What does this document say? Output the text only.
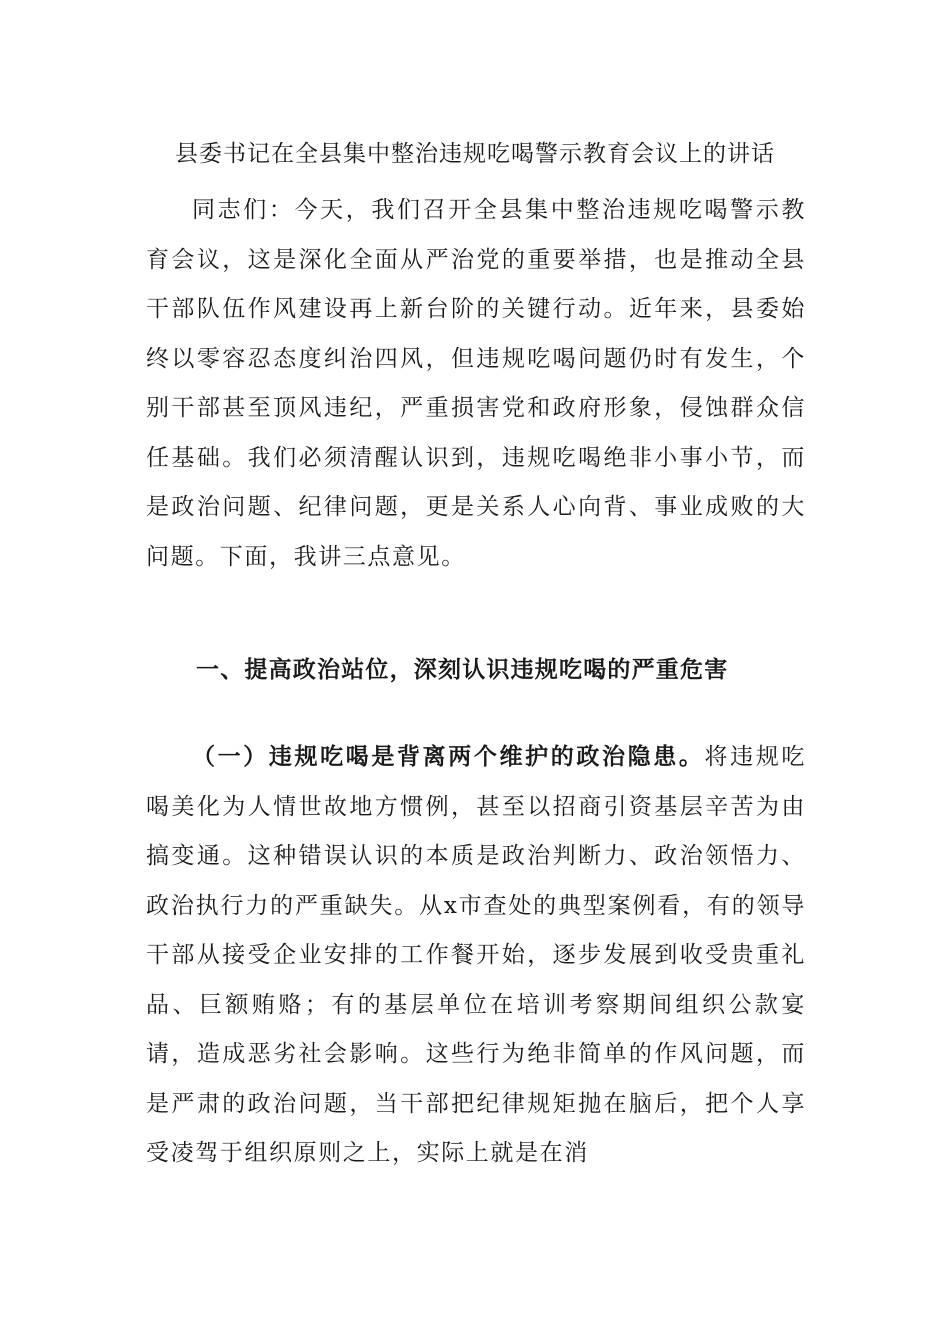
县委书记在全县集中整治违规吃喝警示教育会议上的讲话

同志们：今天，我们召开全县集中整治违规吃喝警示教育会议，这是深化全面从严治党的重要举措，也是推动全县干部队伍作风建设再上新台阶的关键行动。近年来，县委始终以零容忍态度纠治四风，但违规吃喝问题仍时有发生，个别干部甚至顶风违纪，严重损害党和政府形象，侵蚀群众信任基础。我们必须清醒认识到，违规吃喝绝非小事小节，而是政治问题、纪律问题，更是关系人心向背、事业成败的大问题。下面，我讲三点意见。

一、提高政治站位，深刻认识违规吃喝的严重危害

（一）违规吃喝是背离两个维护的政治隐患。将违规吃喝美化为人情世故地方惯例，甚至以招商引资基层辛苦为由搞变通。这种错误认识的本质是政治判断力、政治领悟力、政治执行力的严重缺失。从x市查处的典型案例看，有的领导干部从接受企业安排的工作餐开始，逐步发展到收受贵重礼品、巨额贿赂；有的基层单位在培训考察期间组织公款宴请，造成恶劣社会影响。这些行为绝非简单的作风问题，而是严肃的政治问题，当干部把纪律规矩抛在脑后，把个人享受凌驾于组织原则之上，实际上就是在消
